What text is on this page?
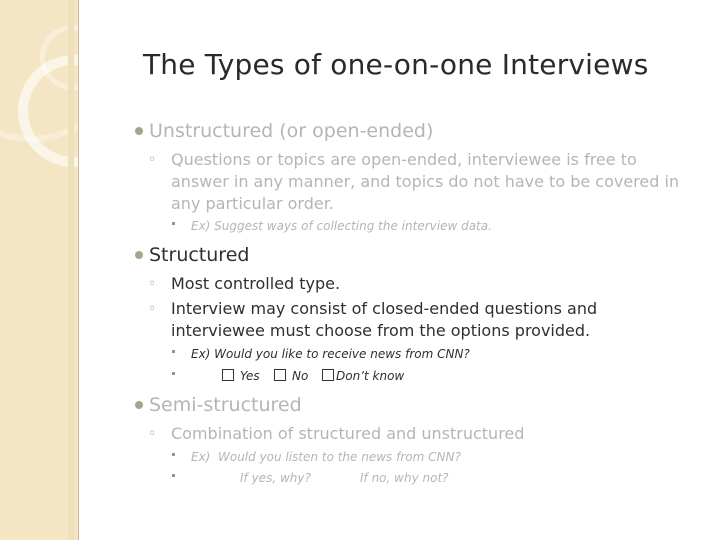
The Types of one-on-one Interviews
Unstructured (or open-ended)
◦ Questions or topics are open-ended, interviewee is free to answer in any manner, and topics do not have to be covered in any particular order.
Ex) Suggest ways of collecting the interview data.
Structured
◦ Most controlled type.
◦ Interview may consist of closed-ended questions and interviewee must choose from the options provided.
Ex) Would you like to receive news from CNN?
Yes	No	Don’t know
Semi-structured
◦ Combination of structured and unstructured
Ex)  Would you listen to the news from CNN?
If yes, why?	If no, why not?
